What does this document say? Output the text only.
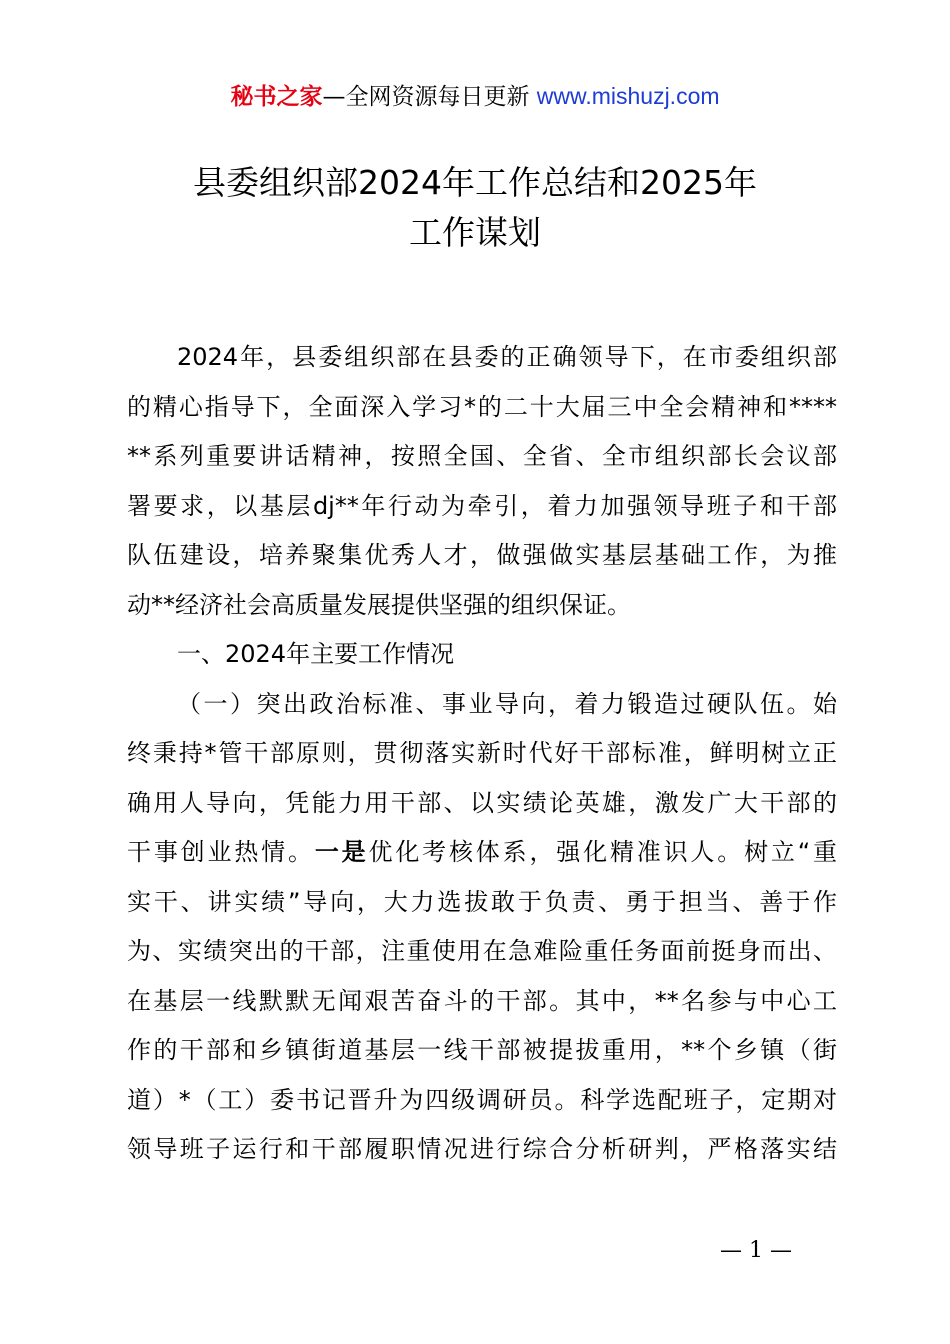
秘书之家—全网资源每日更新 www.mishuzj.com
县委组织部2024年工作总结和2025年
工作谋划
2024年，县委组织部在县委的正确领导下，在市委组织部
的精心指导下，全面深入学习*的二十大届三中全会精神和****
**系列重要讲话精神，按照全国、全省、全市组织部长会议部
署要求，以基层dj**年行动为牵引，着力加强领导班子和干部
队伍建设，培养聚集优秀人才，做强做实基层基础工作，为推
动**经济社会高质量发展提供坚强的组织保证。
一、2024年主要工作情况
（一）突出政治标准、事业导向，着力锻造过硬队伍。始
终秉持*管干部原则，贯彻落实新时代好干部标准，鲜明树立正
确用人导向，凭能力用干部、以实绩论英雄，激发广大干部的
干事创业热情。一是优化考核体系，强化精准识人。树立“重
实干、讲实绩”导向，大力选拔敢于负责、勇于担当、善于作
为、实绩突出的干部，注重使用在急难险重任务面前挺身而出、
在基层一线默默无闻艰苦奋斗的干部。其中，**名参与中心工
作的干部和乡镇街道基层一线干部被提拔重用，**个乡镇（街
道）*（工）委书记晋升为四级调研员。科学选配班子，定期对
领导班子运行和干部履职情况进行综合分析研判，严格落实结
— 1 —
